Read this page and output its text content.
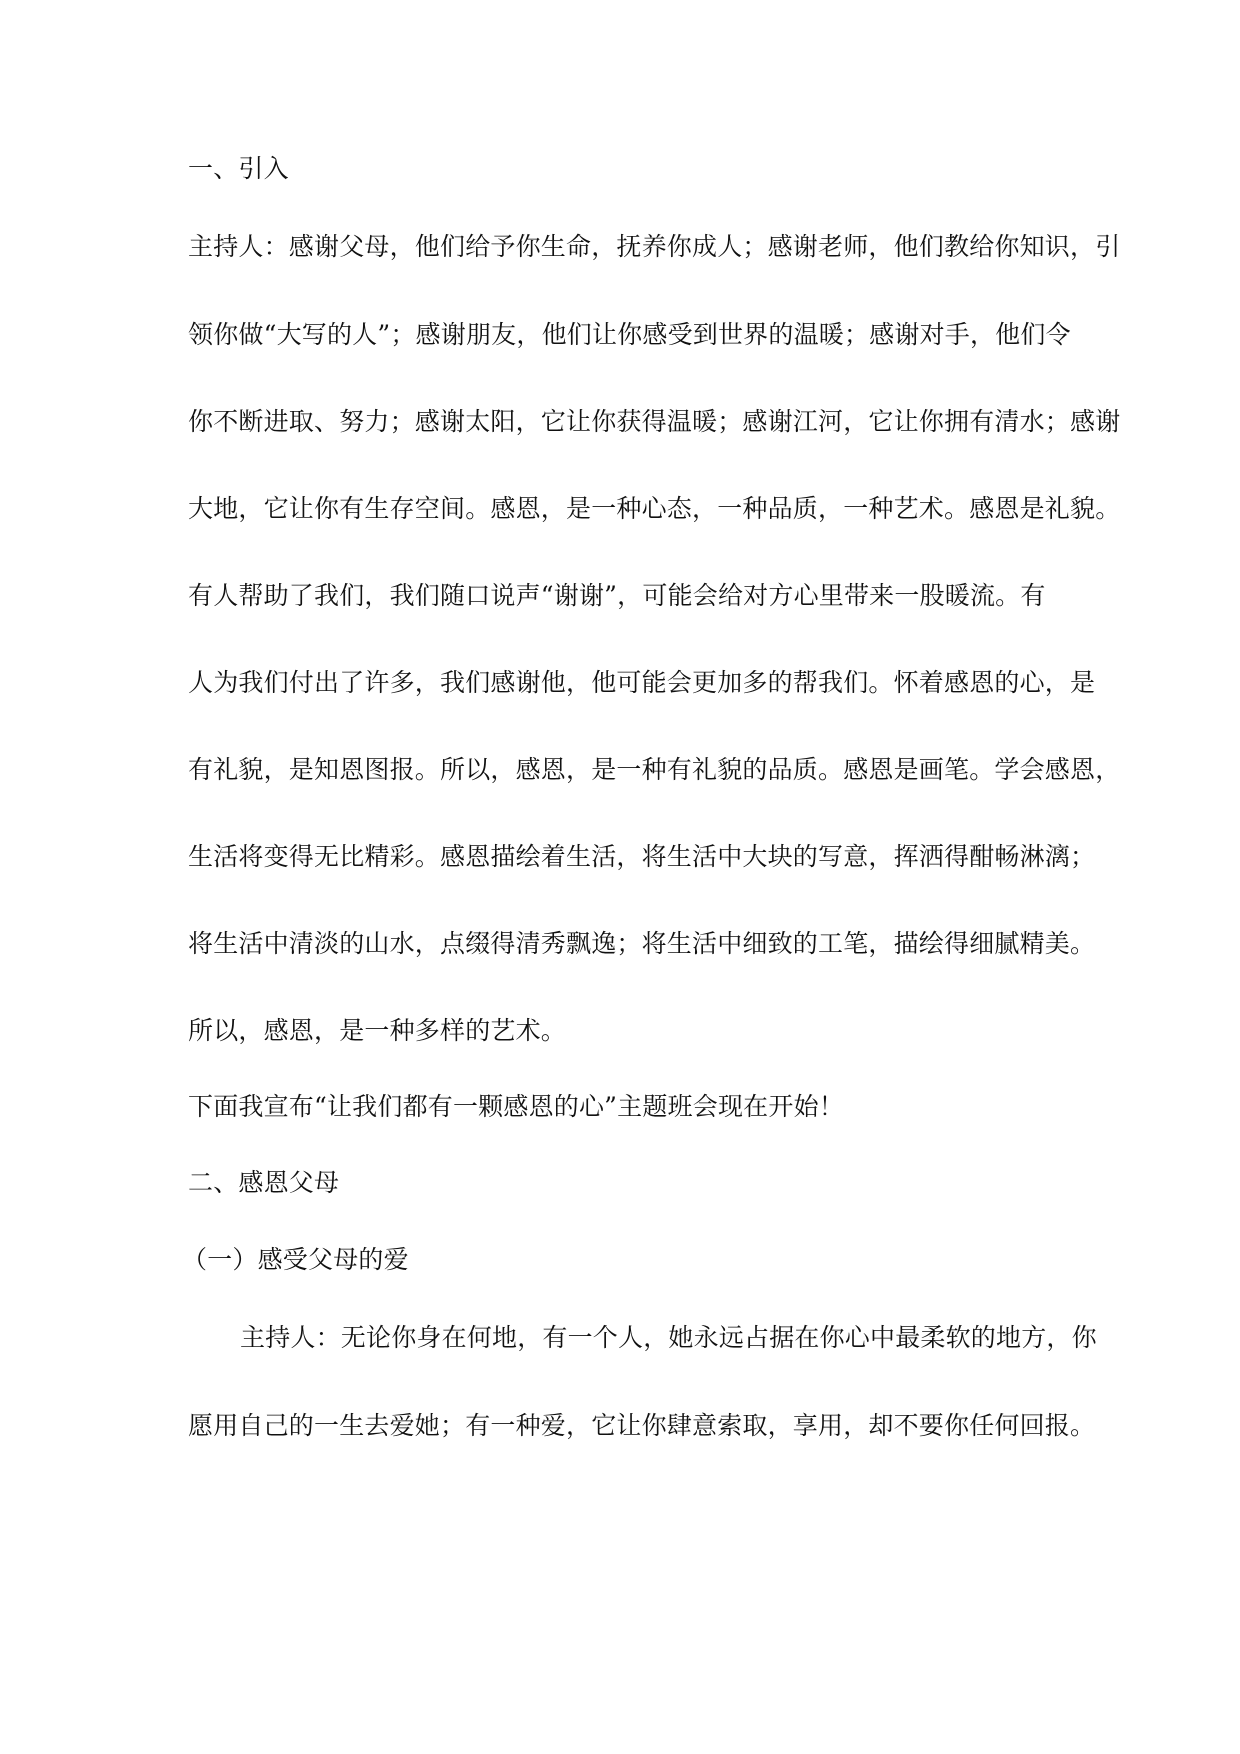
一、引入
主持人：感谢父母，他们给予你生命，抚养你成人；感谢老师，他们教给你知识，引
领你做“大写的人”；感谢朋友，他们让你感受到世界的温暖；感谢对手，他们令
你不断进取、努力；感谢太阳，它让你获得温暖；感谢江河，它让你拥有清水；感谢
大地，它让你有生存空间。感恩，是一种心态，一种品质，一种艺术。感恩是礼貌。
有人帮助了我们，我们随口说声“谢谢”，可能会给对方心里带来一股暖流。有
人为我们付出了许多，我们感谢他，他可能会更加多的帮我们。怀着感恩的心，是
有礼貌，是知恩图报。所以，感恩，是一种有礼貌的品质。感恩是画笔。学会感恩，
生活将变得无比精彩。感恩描绘着生活，将生活中大块的写意，挥洒得酣畅淋漓；
将生活中清淡的山水，点缀得清秀飘逸；将生活中细致的工笔，描绘得细腻精美。
所以，感恩，是一种多样的艺术。
下面我宣布“让我们都有一颗感恩的心”主题班会现在开始！
二、感恩父母
（一）感受父母的爱
主持人：无论你身在何地，有一个人，她永远占据在你心中最柔软的地方，你
愿用自己的一生去爱她；有一种爱，它让你肆意索取，享用，却不要你任何回报。
